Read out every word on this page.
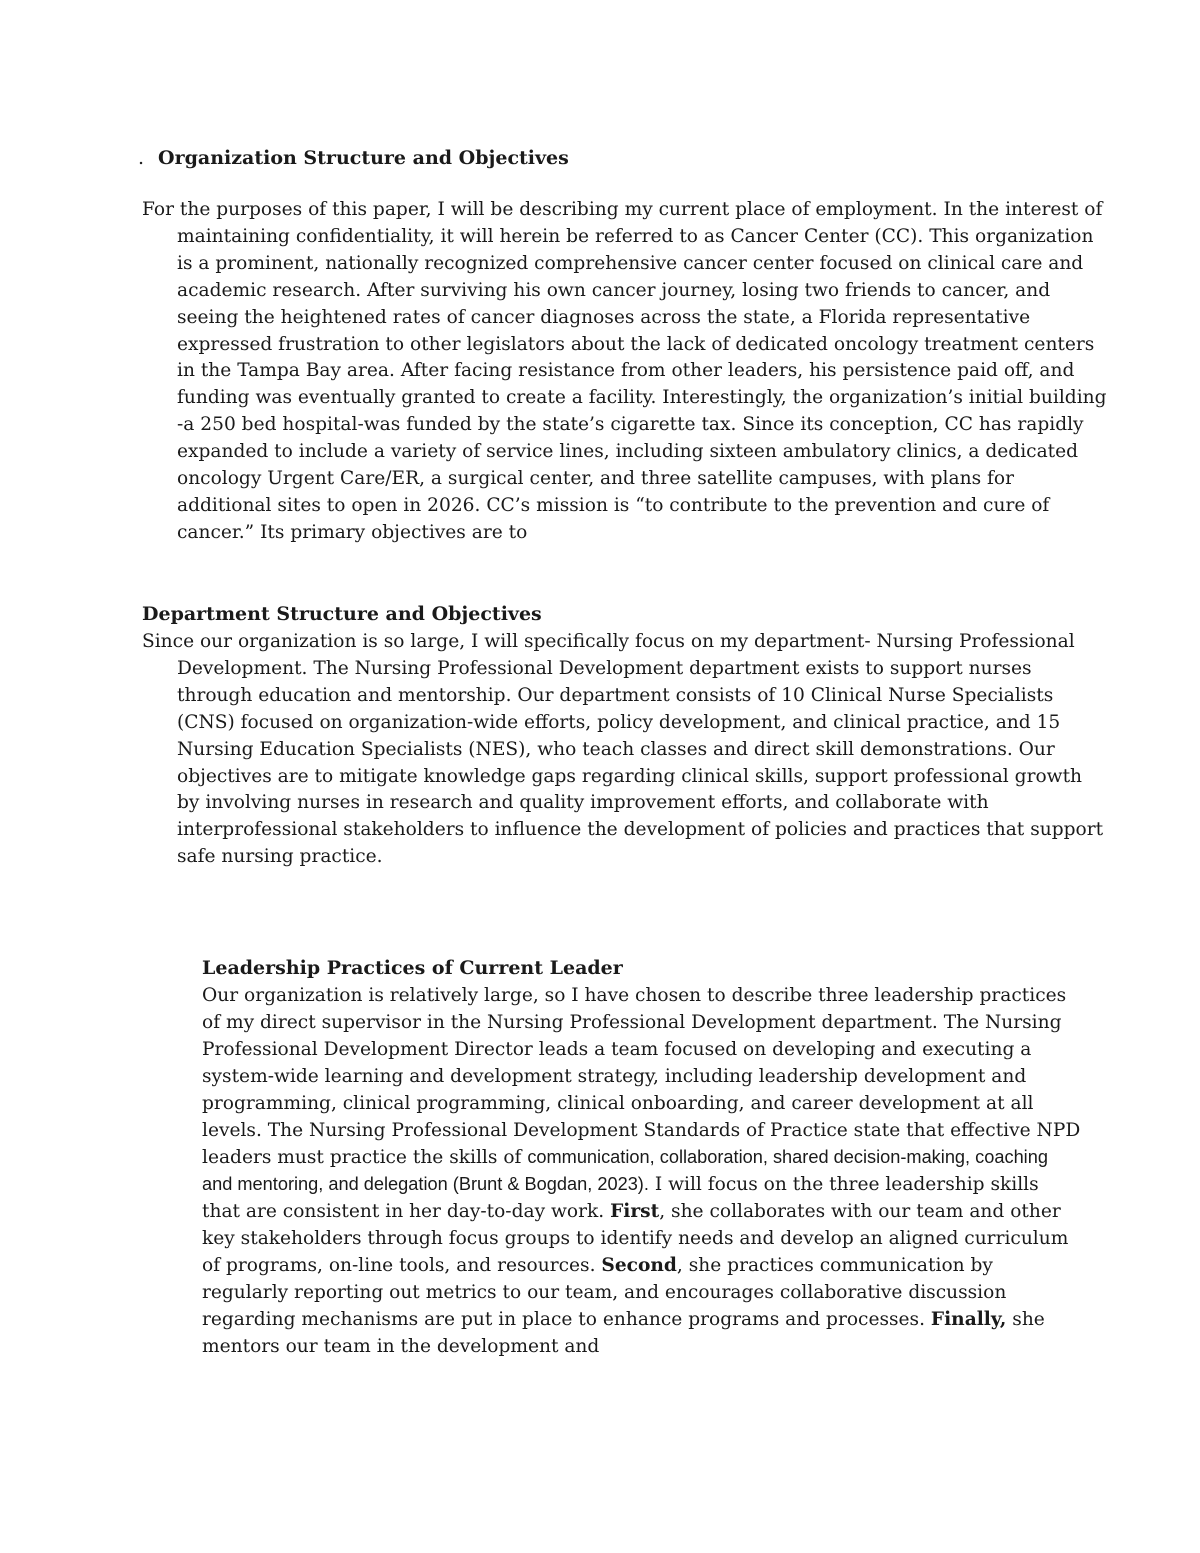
. Organization Structure and Objectives

For the purposes of this paper, I will be describing my current place of employment. In the interest of maintaining confidentiality, it will herein be referred to as Cancer Center (CC). This organization is a prominent, nationally recognized comprehensive cancer center focused on clinical care and academic research. After surviving his own cancer journey, losing two friends to cancer, and seeing the heightened rates of cancer diagnoses across the state, a Florida representative expressed frustration to other legislators about the lack of dedicated oncology treatment centers in the Tampa Bay area. After facing resistance from other leaders, his persistence paid off, and funding was eventually granted to create a facility. Interestingly, the organization’s initial building -a 250 bed hospital-was funded by the state’s cigarette tax. Since its conception, CC has rapidly expanded to include a variety of service lines, including sixteen ambulatory clinics, a dedicated oncology Urgent Care/ER, a surgical center, and three satellite campuses, with plans for additional sites to open in 2026. CC’s mission is “to contribute to the prevention and cure of cancer.” Its primary objectives are to

Department Structure and Objectives

Since our organization is so large, I will specifically focus on my department- Nursing Professional Development. The Nursing Professional Development department exists to support nurses through education and mentorship. Our department consists of 10 Clinical Nurse Specialists (CNS) focused on organization-wide efforts, policy development, and clinical practice, and 15 Nursing Education Specialists (NES), who teach classes and direct skill demonstrations. Our objectives are to mitigate knowledge gaps regarding clinical skills, support professional growth by involving nurses in research and quality improvement efforts, and collaborate with interprofessional stakeholders to influence the development of policies and practices that support safe nursing practice.

Leadership Practices of Current Leader

Our organization is relatively large, so I have chosen to describe three leadership practices of my direct supervisor in the Nursing Professional Development department. The Nursing Professional Development Director leads a team focused on developing and executing a system-wide learning and development strategy, including leadership development and programming, clinical programming, clinical onboarding, and career development at all levels. The Nursing Professional Development Standards of Practice state that effective NPD leaders must practice the skills of communication, collaboration, shared decision-making, coaching and mentoring, and delegation (Brunt & Bogdan, 2023). I will focus on the three leadership skills that are consistent in her day-to-day work. First, she collaborates with our team and other key stakeholders through focus groups to identify needs and develop an aligned curriculum of programs, on-line tools, and resources. Second, she practices communication by regularly reporting out metrics to our team, and encourages collaborative discussion regarding mechanisms are put in place to enhance programs and processes. Finally, she mentors our team in the development and
